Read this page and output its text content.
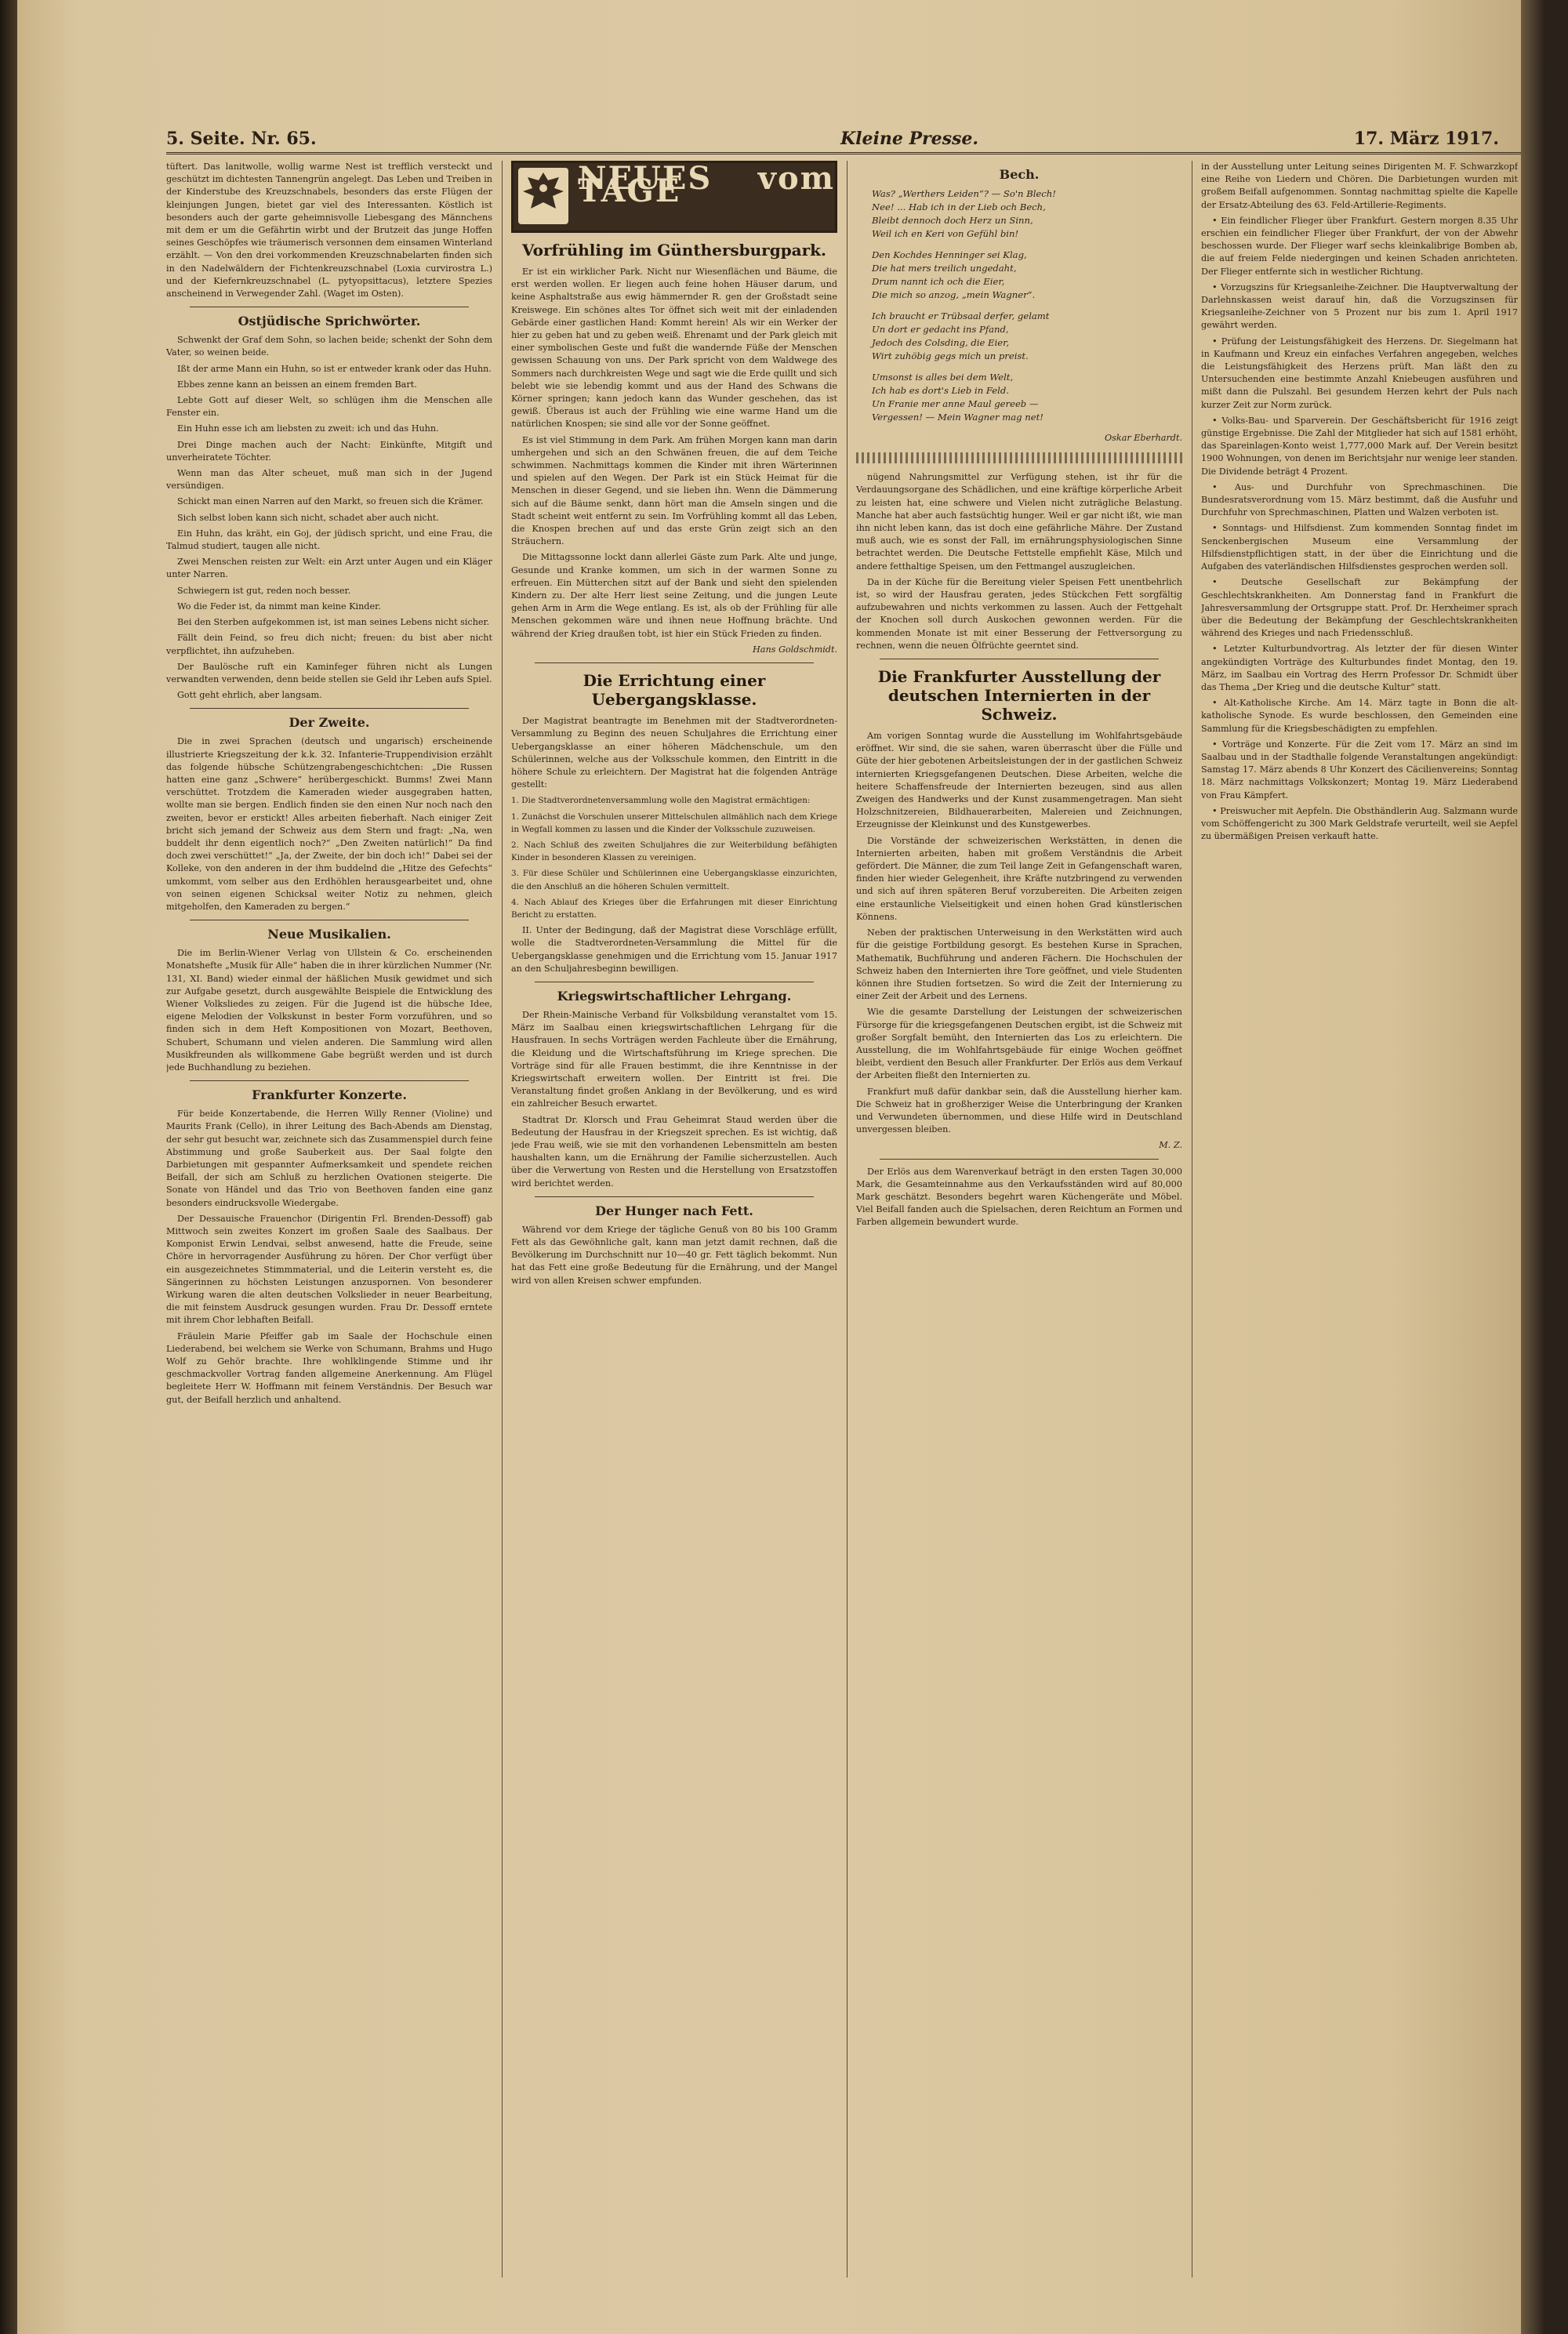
5. Seite. Nr. 65.	Kleine Presse.	17. März 1917.

tüftert. Das lanitwolle, wollig warme Nest ist trefflich versteckt und geschützt im dichtesten Tannengrün angelegt. Das Leben und Treiben in der Kinderstube des Kreuzschnabels, besonders das erste Flügen der kleinjungen Jungen, bietet gar viel des Interessanten. Köstlich ist besonders auch der garte geheimnisvolle Liebesgang des Männchens mit dem er um die Gefährtin wirbt und der Brutzeit das junge Hoffen seines Geschöpfes wie träumerisch versonnen dem einsamen Winterland erzählt. — Von den drei vorkommenden Kreuzschnabelarten finden sich in den Nadelwäldern der Fichtenkreuzschnabel (Loxia curvirostra L.) und der Kiefernkreuzschnabel (L. pytyopsittacus), letztere Spezies anscheinend in Verwegender Zahl. (Waget im Osten).

Ostjüdische Sprichwörter.

Schwenkt der Graf dem Sohn, so lachen beide; schenkt der Sohn dem Vater, so weinen beide.

Ißt der arme Mann ein Huhn, so ist er entweder krank oder das Huhn.

Ebbes zenne kann an beissen an einem fremden Bart.

Lebte Gott auf dieser Welt, so schlügen ihm die Menschen alle Fenster ein.

Ein Huhn esse ich am liebsten zu zweit: ich und das Huhn.

Drei Dinge machen auch der Nacht: Einkünfte, Mitgift und unverheiratete Töchter.

Wenn man das Alter scheuet, muß man sich in der Jugend versündigen.

Schickt man einen Narren auf den Markt, so freuen sich die Krämer.

Sich selbst loben kann sich nicht, schadet aber auch nicht.

Ein Huhn, das kräht, ein Goj, der jüdisch spricht, und eine Frau, die Talmud studiert, taugen alle nicht.

Zwei Menschen reisten zur Welt: ein Arzt unter Augen und ein Kläger unter Narren.

Schwiegern ist gut, reden noch besser.

Wo die Feder ist, da nimmt man keine Kinder.

Bei den Sterben aufgekommen ist, ist man seines Lebens nicht sicher.

Fällt dein Feind, so freu dich nicht; freuen: du bist aber nicht verpflichtet, ihn aufzuheben.

Der Baulösche ruft ein Kaminfeger führen nicht als Lungen verwandten verwenden, denn beide stellen sie Geld ihr Leben aufs Spiel.

Gott geht ehrlich, aber langsam.

Der Zweite.

Die in zwei Sprachen (deutsch und ungarisch) erscheinende illustrierte Kriegszeitung der k.k. 32. Infanterie-Truppendivision erzählt das folgende hübsche Schützengrabengeschichtchen: „Die Russen hatten eine ganz „Schwere“ herübergeschickt. Bumms! Zwei Mann verschüttet. Trotzdem die Kameraden wieder ausgegraben hatten, wollte man sie bergen. Endlich finden sie den einen Nur noch nach den zweiten, bevor er erstickt! Alles arbeiten fieberhaft. Nach einiger Zeit bricht sich jemand der Schweiz aus dem Stern und fragt: „Na, wen buddelt ihr denn eigentlich noch?“ „Den Zweiten natürlich!“ Da find doch zwei verschüttet!“ „Ja, der Zweite, der bin doch ich!“ Dabei sei der Kolleke, von den anderen in der ihm buddelnd die „Hitze des Gefechts“ umkommt, vom selber aus den Erdhöhlen herausgearbeitet und, ohne von seinen eigenen Schicksal weiter Notiz zu nehmen, gleich mitgeholfen, den Kameraden zu bergen.“

Neue Musikalien.

Die im Berlin-Wiener Verlag von Ullstein & Co. erscheinenden Monatshefte „Musik für Alle“ haben die in ihrer kürzlichen Nummer (Nr. 131, XI. Band) wieder einmal der häßlichen Musik gewidmet und sich zur Aufgabe gesetzt, durch ausgewählte Beispiele die Entwicklung des Wiener Volksliedes zu zeigen. Für die Jugend ist die hübsche Idee, eigene Melodien der Volkskunst in bester Form vorzuführen, und so finden sich in dem Heft Kompositionen von Mozart, Beethoven, Schubert, Schumann und vielen anderen. Die Sammlung wird allen Musikfreunden als willkommene Gabe begrüßt werden und ist durch jede Buchhandlung zu beziehen.

Frankfurter Konzerte.

Für beide Konzertabende, die Herren Willy Renner (Violine) und Maurits Frank (Cello), in ihrer Leitung des Bach-Abends am Dienstag, der sehr gut besucht war, zeichnete sich das Zusammenspiel durch feine Abstimmung und große Sauberkeit aus. Der Saal folgte den Darbietungen mit gespannter Aufmerksamkeit und spendete reichen Beifall, der sich am Schluß zu herzlichen Ovationen steigerte. Die Sonate von Händel und das Trio von Beethoven fanden eine ganz besonders eindrucksvolle Wiedergabe.

Der Dessauische Frauenchor (Dirigentin Frl. Brenden-Dessoff) gab Mittwoch sein zweites Konzert im großen Saale des Saalbaus. Der Komponist Erwin Lendvai, selbst anwesend, hatte die Freude, seine Chöre in hervorragender Ausführung zu hören. Der Chor verfügt über ein ausgezeichnetes Stimmmaterial, und die Leiterin versteht es, die Sängerinnen zu höchsten Leistungen anzuspornen. Von besonderer Wirkung waren die alten deutschen Volkslieder in neuer Bearbeitung, die mit feinstem Ausdruck gesungen wurden. Frau Dr. Dessoff erntete mit ihrem Chor lebhaften Beifall.

Fräulein Marie Pfeiffer gab im Saale der Hochschule einen Liederabend, bei welchem sie Werke von Schumann, Brahms und Hugo Wolf zu Gehör brachte. Ihre wohlklingende Stimme und ihr geschmackvoller Vortrag fanden allgemeine Anerkennung. Am Flügel begleitete Herr W. Hoffmann mit feinem Verständnis. Der Besuch war gut, der Beifall herzlich und anhaltend.

NEUES vom TAGE
Vorfrühling im Günthersburgpark.

Er ist ein wirklicher Park. Nicht nur Wiesenflächen und Bäume, die erst werden wollen. Er liegen auch feine hohen Häuser darum, und keine Asphaltstraße aus ewig hämmernder R. gen der Großstadt seine Kreiswege. Ein schönes altes Tor öffnet sich weit mit der einladenden Gebärde einer gastlichen Hand: Kommt herein! Als wir ein Werker der hier zu geben hat und zu geben weiß. Ehrenamt und der Park gleich mit einer symbolischen Geste und fußt die wandernde Füße der Menschen gewissen Schauung von uns. Der Park spricht von dem Waldwege des Sommers nach durchkreisten Wege und sagt wie die Erde quillt und sich belebt wie sie lebendig kommt und aus der Hand des Schwans die Körner springen; kann jedoch kann das Wunder geschehen, das ist gewiß. Überaus ist auch der Frühling wie eine warme Hand um die natürlichen Knospen; sie sind alle vor der Sonne geöffnet.

Es ist viel Stimmung in dem Park. Am frühen Morgen kann man darin umhergehen und sich an den Schwänen freuen, die auf dem Teiche schwimmen. Nachmittags kommen die Kinder mit ihren Wärterinnen und spielen auf den Wegen. Der Park ist ein Stück Heimat für die Menschen in dieser Gegend, und sie lieben ihn. Wenn die Dämmerung sich auf die Bäume senkt, dann hört man die Amseln singen und die Stadt scheint weit entfernt zu sein. Im Vorfrühling kommt all das Leben, die Knospen brechen auf und das erste Grün zeigt sich an den Sträuchern.

Die Mittagssonne lockt dann allerlei Gäste zum Park. Alte und junge, Gesunde und Kranke kommen, um sich in der warmen Sonne zu erfreuen. Ein Mütterchen sitzt auf der Bank und sieht den spielenden Kindern zu. Der alte Herr liest seine Zeitung, und die jungen Leute gehen Arm in Arm die Wege entlang. Es ist, als ob der Frühling für alle Menschen gekommen wäre und ihnen neue Hoffnung brächte. Und während der Krieg draußen tobt, ist hier ein Stück Frieden zu finden.

Hans Goldschmidt.

Die Errichtung einer Uebergangsklasse.

Der Magistrat beantragte im Benehmen mit der Stadtverordneten-Versammlung zu Beginn des neuen Schuljahres die Errichtung einer Uebergangsklasse an einer höheren Mädchenschule, um den Schülerinnen, welche aus der Volksschule kommen, den Eintritt in die höhere Schule zu erleichtern. Der Magistrat hat die folgenden Anträge gestellt:

1. Die Stadtverordnetenversammlung wolle den Magistrat ermächtigen:

1. Zunächst die Vorschulen unserer Mittelschulen allmählich nach dem Kriege in Wegfall kommen zu lassen und die Kinder der Volksschule zuzuweisen.

2. Nach Schluß des zweiten Schuljahres die zur Weiterbildung befähigten Kinder in besonderen Klassen zu vereinigen.

3. Für diese Schüler und Schülerinnen eine Uebergangsklasse einzurichten, die den Anschluß an die höheren Schulen vermittelt.

4. Nach Ablauf des Krieges über die Erfahrungen mit dieser Einrichtung Bericht zu erstatten.

II. Unter der Bedingung, daß der Magistrat diese Vorschläge erfüllt, wolle die Stadtverordneten-Versammlung die Mittel für die Uebergangsklasse genehmigen und die Errichtung vom 15. Januar 1917 an den Schuljahresbeginn bewilligen.

Kriegswirtschaftlicher Lehrgang.

Der Rhein-Mainische Verband für Volksbildung veranstaltet vom 15. März im Saalbau einen kriegswirtschaftlichen Lehrgang für die Hausfrauen. In sechs Vorträgen werden Fachleute über die Ernährung, die Kleidung und die Wirtschaftsführung im Kriege sprechen. Die Vorträge sind für alle Frauen bestimmt, die ihre Kenntnisse in der Kriegswirtschaft erweitern wollen. Der Eintritt ist frei. Die Veranstaltung findet großen Anklang in der Bevölkerung, und es wird ein zahlreicher Besuch erwartet.

Stadtrat Dr. Klorsch und Frau Geheimrat Staud werden über die Bedeutung der Hausfrau in der Kriegszeit sprechen. Es ist wichtig, daß jede Frau weiß, wie sie mit den vorhandenen Lebensmitteln am besten haushalten kann, um die Ernährung der Familie sicherzustellen. Auch über die Verwertung von Resten und die Herstellung von Ersatzstoffen wird berichtet werden.

Der Hunger nach Fett.

Während vor dem Kriege der tägliche Genuß von 80 bis 100 Gramm Fett als das Gewöhnliche galt, kann man jetzt damit rechnen, daß die Bevölkerung im Durchschnitt nur 10—40 gr. Fett täglich bekommt. Nun hat das Fett eine große Bedeutung für die Ernährung, und der Mangel wird von allen Kreisen schwer empfunden.

Bech.
Was? „Werthers Leiden“? — So'n Blech!
Nee! ... Hab ich in der Lieb och Bech,
Bleibt dennoch doch Herz un Sinn,
Weil ich en Keri von Gefühl bin!
Den Kochdes Henninger sei Klag,
Die hat mers treilich ungedaht,
Drum nannt ich och die Eier,
Die mich so anzog, „mein Wagner“.
Ich braucht er Trübsaal derfer, gelamt
Un dort er gedacht ins Pfand,
Jedoch des Colsding, die Eier,
Wirt zuhöbig gegs mich un preist.
Umsonst is alles bei dem Welt,
Ich hab es dort's Lieb in Feld.
Un Franie mer anne Maul gereeb —
Vergessen! — Mein Wagner mag net!

Oskar Eberhardt.

nügend Nahrungsmittel zur Verfügung stehen, ist ihr für die Verdauungsorgane des Schädlichen, und eine kräftige körperliche Arbeit zu leisten hat, eine schwere und Vielen nicht zuträgliche Belastung. Manche hat aber auch fastsüchtig hunger. Weil er gar nicht ißt, wie man ihn nicht leben kann, das ist doch eine gefährliche Mähre. Der Zustand muß auch, wie es sonst der Fall, im ernährungsphysiologischen Sinne betrachtet werden. Die Deutsche Fettstelle empfiehlt Käse, Milch und andere fetthaltige Speisen, um den Fettmangel auszugleichen.

Da in der Küche für die Bereitung vieler Speisen Fett unentbehrlich ist, so wird der Hausfrau geraten, jedes Stückchen Fett sorgfältig aufzubewahren und nichts verkommen zu lassen. Auch der Fettgehalt der Knochen soll durch Auskochen gewonnen werden. Für die kommenden Monate ist mit einer Besserung der Fettversorgung zu rechnen, wenn die neuen Ölfrüchte geerntet sind.

Die Frankfurter Ausstellung der deutschen Internierten in der Schweiz.

Am vorigen Sonntag wurde die Ausstellung im Wohlfahrtsgebäude eröffnet. Wir sind, die sie sahen, waren überrascht über die Fülle und Güte der hier gebotenen Arbeitsleistungen der in der gastlichen Schweiz internierten Kriegsgefangenen Deutschen. Diese Arbeiten, welche die heitere Schaffensfreude der Internierten bezeugen, sind aus allen Zweigen des Handwerks und der Kunst zusammengetragen. Man sieht Holzschnitzereien, Bildhauerarbeiten, Malereien und Zeichnungen, Erzeugnisse der Kleinkunst und des Kunstgewerbes.

Die Vorstände der schweizerischen Werkstätten, in denen die Internierten arbeiten, haben mit großem Verständnis die Arbeit gefördert. Die Männer, die zum Teil lange Zeit in Gefangenschaft waren, finden hier wieder Gelegenheit, ihre Kräfte nutzbringend zu verwenden und sich auf ihren späteren Beruf vorzubereiten. Die Arbeiten zeigen eine erstaunliche Vielseitigkeit und einen hohen Grad künstlerischen Könnens.

Neben der praktischen Unterweisung in den Werkstätten wird auch für die geistige Fortbildung gesorgt. Es bestehen Kurse in Sprachen, Mathematik, Buchführung und anderen Fächern. Die Hochschulen der Schweiz haben den Internierten ihre Tore geöffnet, und viele Studenten können ihre Studien fortsetzen. So wird die Zeit der Internierung zu einer Zeit der Arbeit und des Lernens.

Wie die gesamte Darstellung der Leistungen der schweizerischen Fürsorge für die kriegsgefangenen Deutschen ergibt, ist die Schweiz mit großer Sorgfalt bemüht, den Internierten das Los zu erleichtern. Die Ausstellung, die im Wohlfahrtsgebäude für einige Wochen geöffnet bleibt, verdient den Besuch aller Frankfurter. Der Erlös aus dem Verkauf der Arbeiten fließt den Internierten zu.

Frankfurt muß dafür dankbar sein, daß die Ausstellung hierher kam. Die Schweiz hat in großherziger Weise die Unterbringung der Kranken und Verwundeten übernommen, und diese Hilfe wird in Deutschland unvergessen bleiben.

M. Z.

Der Erlös aus dem Warenverkauf beträgt in den ersten Tagen 30,000 Mark, die Gesamteinnahme aus den Verkaufsständen wird auf 80,000 Mark geschätzt. Besonders begehrt waren Küchengeräte und Möbel. Viel Beifall fanden auch die Spielsachen, deren Reichtum an Formen und Farben allgemein bewundert wurde.

in der Ausstellung unter Leitung seines Dirigenten M. F. Schwarzkopf eine Reihe von Liedern und Chören. Die Darbietungen wurden mit großem Beifall aufgenommen. Sonntag nachmittag spielte die Kapelle der Ersatz-Abteilung des 63. Feld-Artillerie-Regiments.

• Ein feindlicher Flieger über Frankfurt. Gestern morgen 8.35 Uhr erschien ein feindlicher Flieger über Frankfurt, der von der Abwehr beschossen wurde. Der Flieger warf sechs kleinkalibrige Bomben ab, die auf freiem Felde niedergingen und keinen Schaden anrichteten. Der Flieger entfernte sich in westlicher Richtung.

• Vorzugszins für Kriegsanleihe-Zeichner. Die Hauptverwaltung der Darlehnskassen weist darauf hin, daß die Vorzugszinsen für Kriegsanleihe-Zeichner von 5 Prozent nur bis zum 1. April 1917 gewährt werden.

• Prüfung der Leistungsfähigkeit des Herzens. Dr. Siegelmann hat in Kaufmann und Kreuz ein einfaches Verfahren angegeben, welches die Leistungsfähigkeit des Herzens prüft. Man läßt den zu Untersuchenden eine bestimmte Anzahl Kniebeugen ausführen und mißt dann die Pulszahl. Bei gesundem Herzen kehrt der Puls nach kurzer Zeit zur Norm zurück.

• Volks-Bau- und Sparverein. Der Geschäftsbericht für 1916 zeigt günstige Ergebnisse. Die Zahl der Mitglieder hat sich auf 1581 erhöht, das Spareinlagen-Konto weist 1,777,000 Mark auf. Der Verein besitzt 1900 Wohnungen, von denen im Berichtsjahr nur wenige leer standen. Die Dividende beträgt 4 Prozent.

• Aus- und Durchfuhr von Sprechmaschinen. Die Bundesratsverordnung vom 15. März bestimmt, daß die Ausfuhr und Durchfuhr von Sprechmaschinen, Platten und Walzen verboten ist.

• Sonntags- und Hilfsdienst. Zum kommenden Sonntag findet im Senckenbergischen Museum eine Versammlung der Hilfsdienstpflichtigen statt, in der über die Einrichtung und die Aufgaben des vaterländischen Hilfsdienstes gesprochen werden soll.

• Deutsche Gesellschaft zur Bekämpfung der Geschlechtskrankheiten. Am Donnerstag fand in Frankfurt die Jahresversammlung der Ortsgruppe statt. Prof. Dr. Herxheimer sprach über die Bedeutung der Bekämpfung der Geschlechtskrankheiten während des Krieges und nach Friedensschluß.

• Letzter Kulturbundvortrag. Als letzter der für diesen Winter angekündigten Vorträge des Kulturbundes findet Montag, den 19. März, im Saalbau ein Vortrag des Herrn Professor Dr. Schmidt über das Thema „Der Krieg und die deutsche Kultur“ statt.

• Alt-Katholische Kirche. Am 14. März tagte in Bonn die alt-katholische Synode. Es wurde beschlossen, den Gemeinden eine Sammlung für die Kriegsbeschädigten zu empfehlen.

• Vorträge und Konzerte. Für die Zeit vom 17. März an sind im Saalbau und in der Stadthalle folgende Veranstaltungen angekündigt: Samstag 17. März abends 8 Uhr Konzert des Cäcilienvereins; Sonntag 18. März nachmittags Volkskonzert; Montag 19. März Liederabend von Frau Kämpfert.

• Preiswucher mit Aepfeln. Die Obsthändlerin Aug. Salzmann wurde vom Schöffengericht zu 300 Mark Geldstrafe verurteilt, weil sie Aepfel zu übermäßigen Preisen verkauft hatte.
